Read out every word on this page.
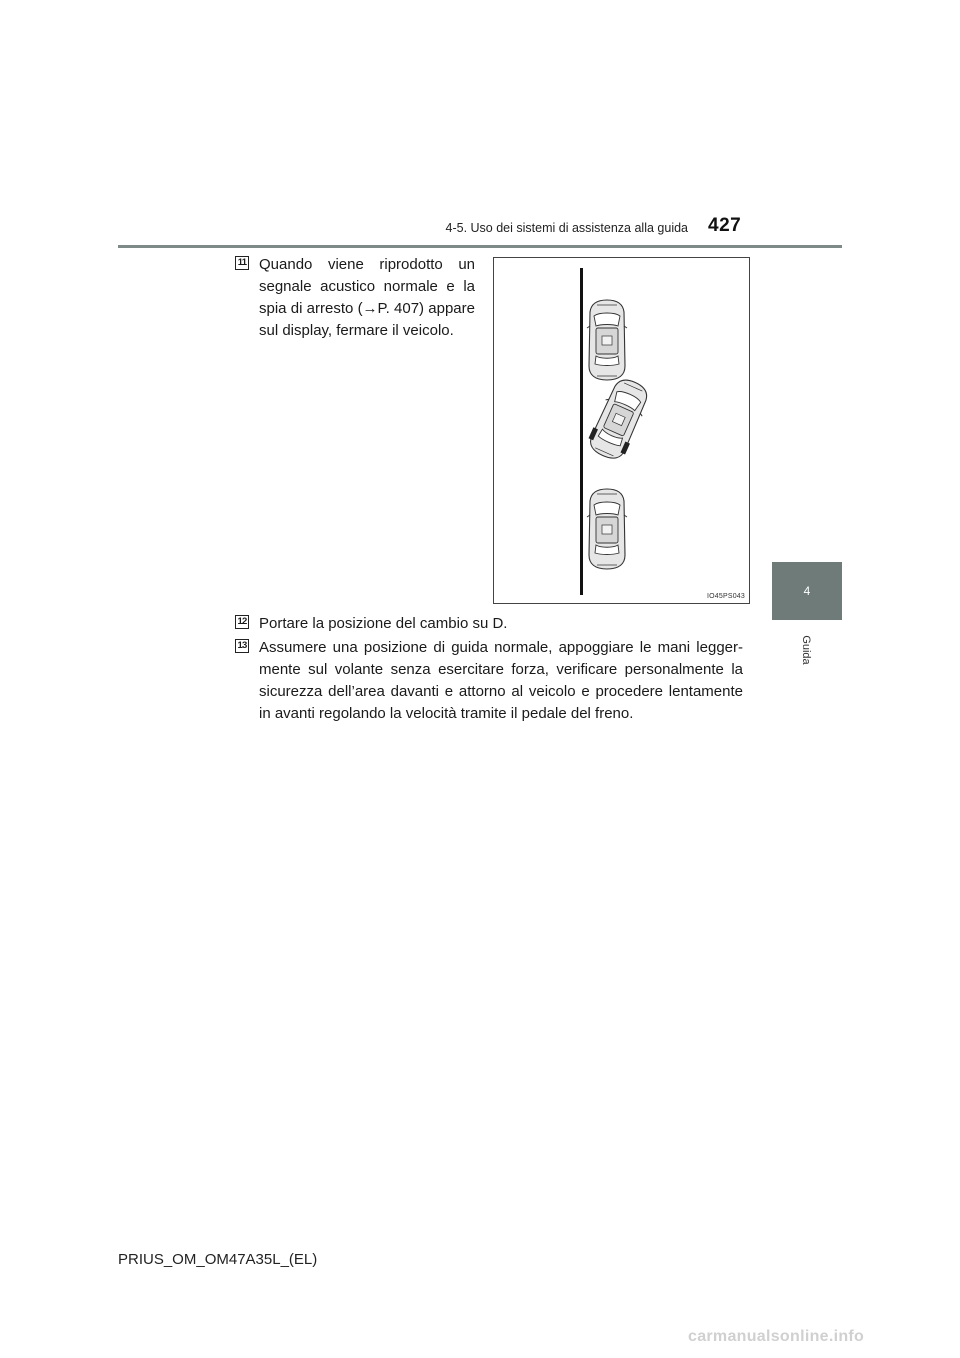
4-5. Uso dei sistemi di assistenza alla guida 427
4
Guida
11 Quando viene riprodotto un segnale acustico normale e la spia di arresto (→P. 407) appare sul display, fermare il veicolo.

IO45PS043
12 Portare la posizione del cambio su D.

13 Assumere una posizione di guida normale, appoggiare le mani legger-mente sul volante senza esercitare forza, verificare personalmente la sicurezza dell’area davanti e attorno al veicolo e procedere lentamente in avanti regolando la velocità tramite il pedale del freno.

PRIUS_OM_OM47A35L_(EL)
carmanualsonline.info
